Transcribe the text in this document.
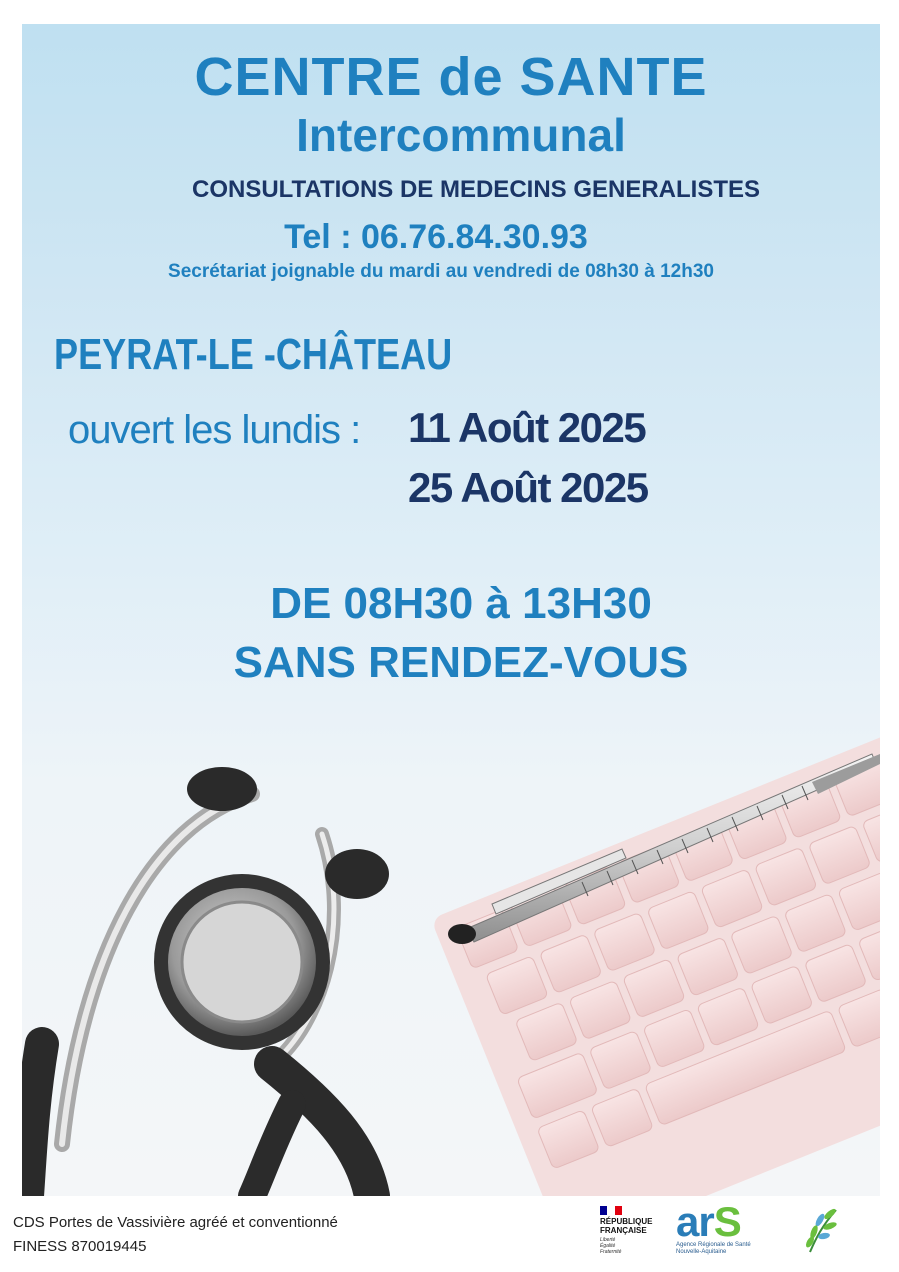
CENTRE de SANTE

Intercommunal

CONSULTATIONS DE MEDECINS GENERALISTES

Tel : 06.76.84.30.93

Secrétariat joignable du mardi au vendredi de 08h30 à 12h30

PEYRAT-LE -CHÂTEAU

ouvert les lundis : 11 Août 2025

25 Août 2025

DE 08H30 à 13H30

SANS RENDEZ-VOUS

CDS Portes de Vassivière agréé et conventionné

FINESS 870019445

RÉPUBLIQUE
FRANÇAISE
Liberté
Égalité
Fraternité
arS
Agence Régionale de Santé
Nouvelle-Aquitaine
